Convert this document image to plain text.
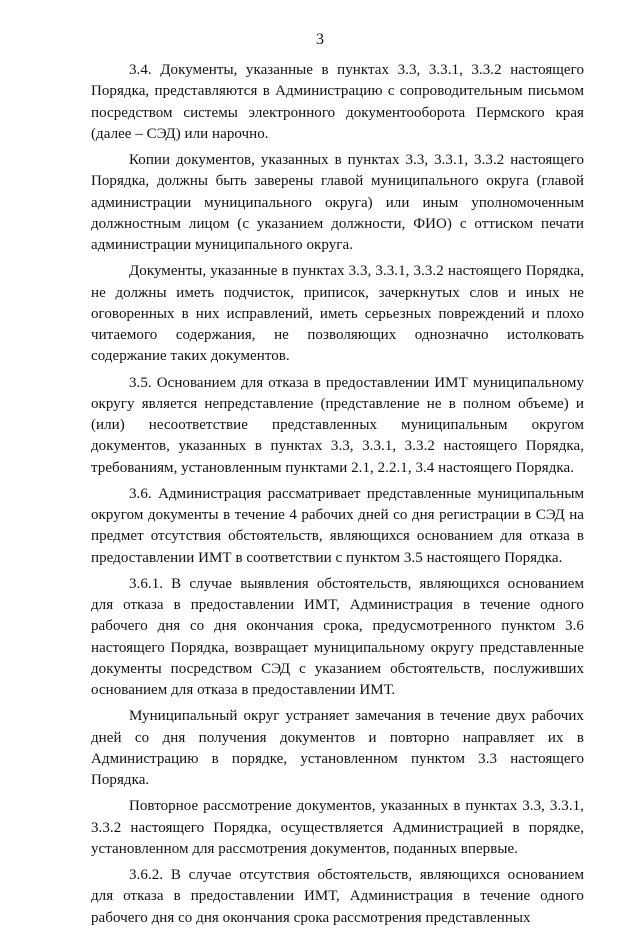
3

3.4. Документы, указанные в пунктах 3.3, 3.3.1, 3.3.2 настоящего Порядка, представляются в Администрацию с сопроводительным письмом посредством системы электронного документооборота Пермского края (далее – СЭД) или нарочно.

Копии документов, указанных в пунктах 3.3, 3.3.1, 3.3.2 настоящего Порядка, должны быть заверены главой муниципального округа (главой администрации муниципального округа) или иным уполномоченным должностным лицом (с указанием должности, ФИО) с оттиском печати администрации муниципального округа.

Документы, указанные в пунктах 3.3, 3.3.1, 3.3.2 настоящего Порядка, не должны иметь подчисток, приписок, зачеркнутых слов и иных не оговоренных в них исправлений, иметь серьезных повреждений и плохо читаемого содержания, не позволяющих однозначно истолковать содержание таких документов.

3.5. Основанием для отказа в предоставлении ИМТ муниципальному округу является непредставление (представление не в полном объеме) и (или) несоответствие представленных муниципальным округом документов, указанных в пунктах 3.3, 3.3.1, 3.3.2 настоящего Порядка, требованиям, установленным пунктами 2.1, 2.2.1, 3.4 настоящего Порядка.

3.6. Администрация рассматривает представленные муниципальным округом документы в течение 4 рабочих дней со дня регистрации в СЭД на предмет отсутствия обстоятельств, являющихся основанием для отказа в предоставлении ИМТ в соответствии с пунктом 3.5 настоящего Порядка.

3.6.1. В случае выявления обстоятельств, являющихся основанием для отказа в предоставлении ИМТ, Администрация в течение одного рабочего дня со дня окончания срока, предусмотренного пунктом 3.6 настоящего Порядка, возвращает муниципальному округу представленные документы посредством СЭД с указанием обстоятельств, послуживших основанием для отказа в предоставлении ИМТ.

Муниципальный округ устраняет замечания в течение двух рабочих дней со дня получения документов и повторно направляет их в Администрацию в порядке, установленном пунктом 3.3 настоящего Порядка.

Повторное рассмотрение документов, указанных в пунктах 3.3, 3.3.1, 3.3.2 настоящего Порядка, осуществляется Администрацией в порядке, установленном для рассмотрения документов, поданных впервые.

3.6.2. В случае отсутствия обстоятельств, являющихся основанием для отказа в предоставлении ИМТ, Администрация в течение одного рабочего дня со дня окончания срока рассмотрения представленных
